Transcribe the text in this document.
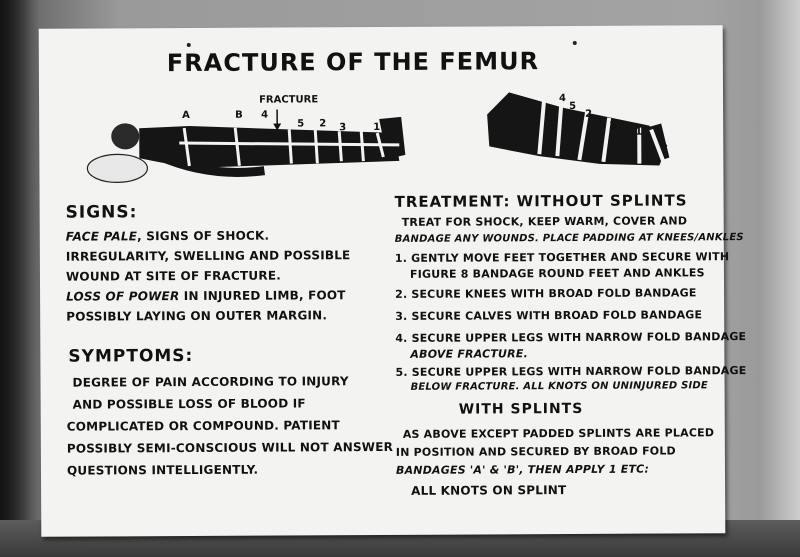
FRACTURE OF THE FEMUR
FRACTURE
A	B 4
5 2 3	1
4
5
2
3
1
SIGNS:
FACE PALE, SIGNS OF SHOCK.
IRREGULARITY, SWELLING AND POSSIBLE
WOUND AT SITE OF FRACTURE.
LOSS OF POWER IN INJURED LIMB, FOOT
POSSIBLY LAYING ON OUTER MARGIN.
SYMPTOMS:
DEGREE OF PAIN ACCORDING TO INJURY
AND POSSIBLE LOSS OF BLOOD IF
COMPLICATED OR COMPOUND. PATIENT
POSSIBLY SEMI-CONSCIOUS WILL NOT ANSWER
QUESTIONS INTELLIGENTLY.
TREATMENT: WITHOUT SPLINTS
TREAT FOR SHOCK, KEEP WARM, COVER AND
BANDAGE ANY WOUNDS. PLACE PADDING AT KNEES/ANKLES
1. GENTLY MOVE FEET TOGETHER AND SECURE WITH
FIGURE 8 BANDAGE ROUND FEET AND ANKLES
2. SECURE KNEES WITH BROAD FOLD BANDAGE
3. SECURE CALVES WITH BROAD FOLD BANDAGE
4. SECURE UPPER LEGS WITH NARROW FOLD BANDAGE
ABOVE FRACTURE.
5. SECURE UPPER LEGS WITH NARROW FOLD BANDAGE
BELOW FRACTURE. ALL KNOTS ON UNINJURED SIDE
WITH SPLINTS
AS ABOVE EXCEPT PADDED SPLINTS ARE PLACED
IN POSITION AND SECURED BY BROAD FOLD
BANDAGES 'A' & 'B', THEN APPLY 1 ETC:
ALL KNOTS ON SPLINT
